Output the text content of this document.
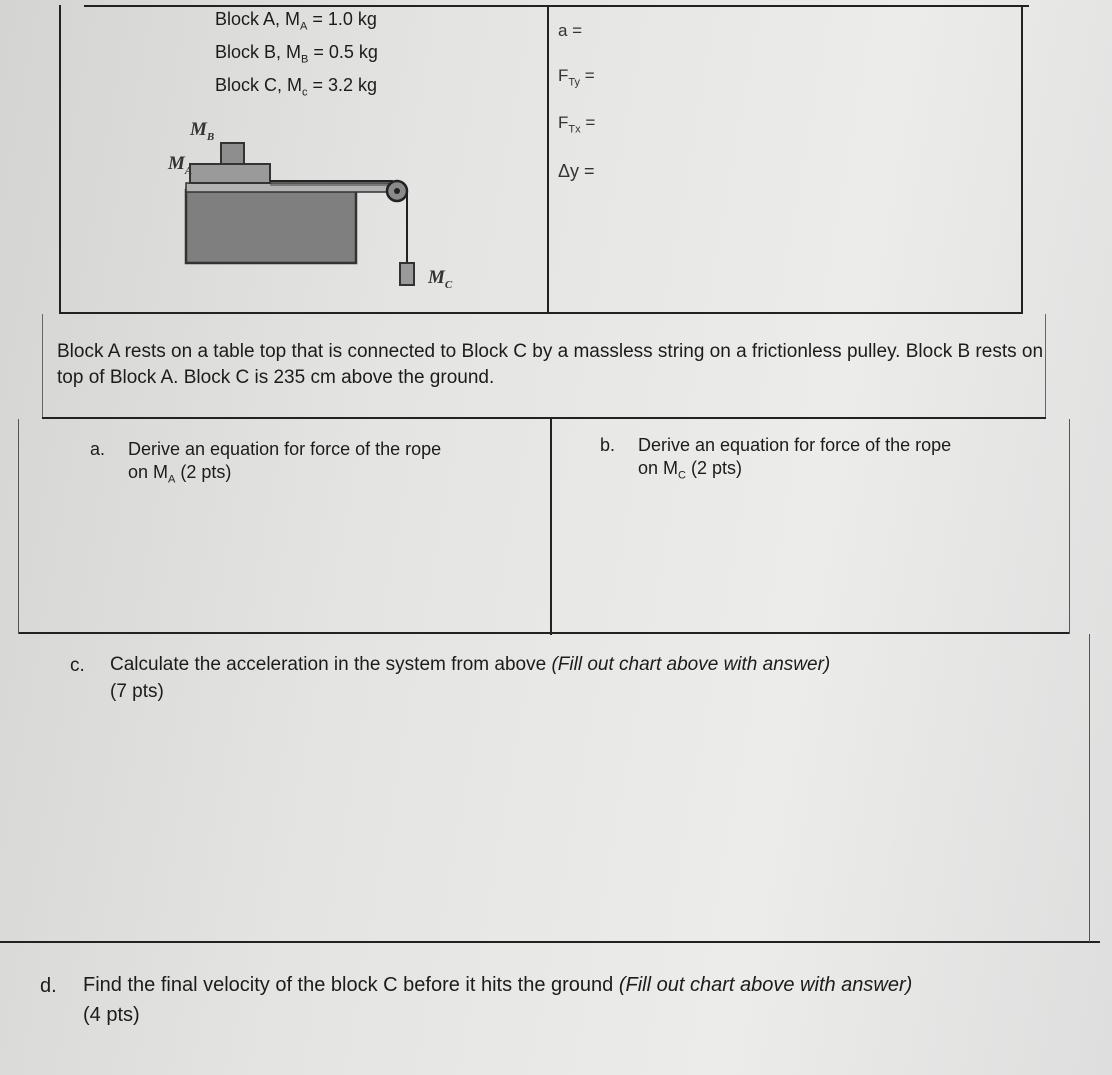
Block A, $M_A = 1.0$ kg
Block B, $M_B = 0.5$ kg
Block C, $M_c = 3.2$ kg
$M_A$
$M_B$
$M_C$
a =
$F_{Ty}$ =
$F_{Tx}$ =
Δy =
Block A rests on a table top that is connected to Block C by a massless string on a frictionless pulley. Block B rests on top of Block A. Block C is 235 cm above the ground.
a. Derive an equation for force of the rope
on $M_A$ (2 pts)
b. Derive an equation for force of the rope
on $M_C$ (2 pts)
c. Calculate the acceleration in the system from above (Fill out chart above with answer)
(7 pts)
d. Find the final velocity of the block C before it hits the ground (Fill out chart above with answer)
(4 pts)
